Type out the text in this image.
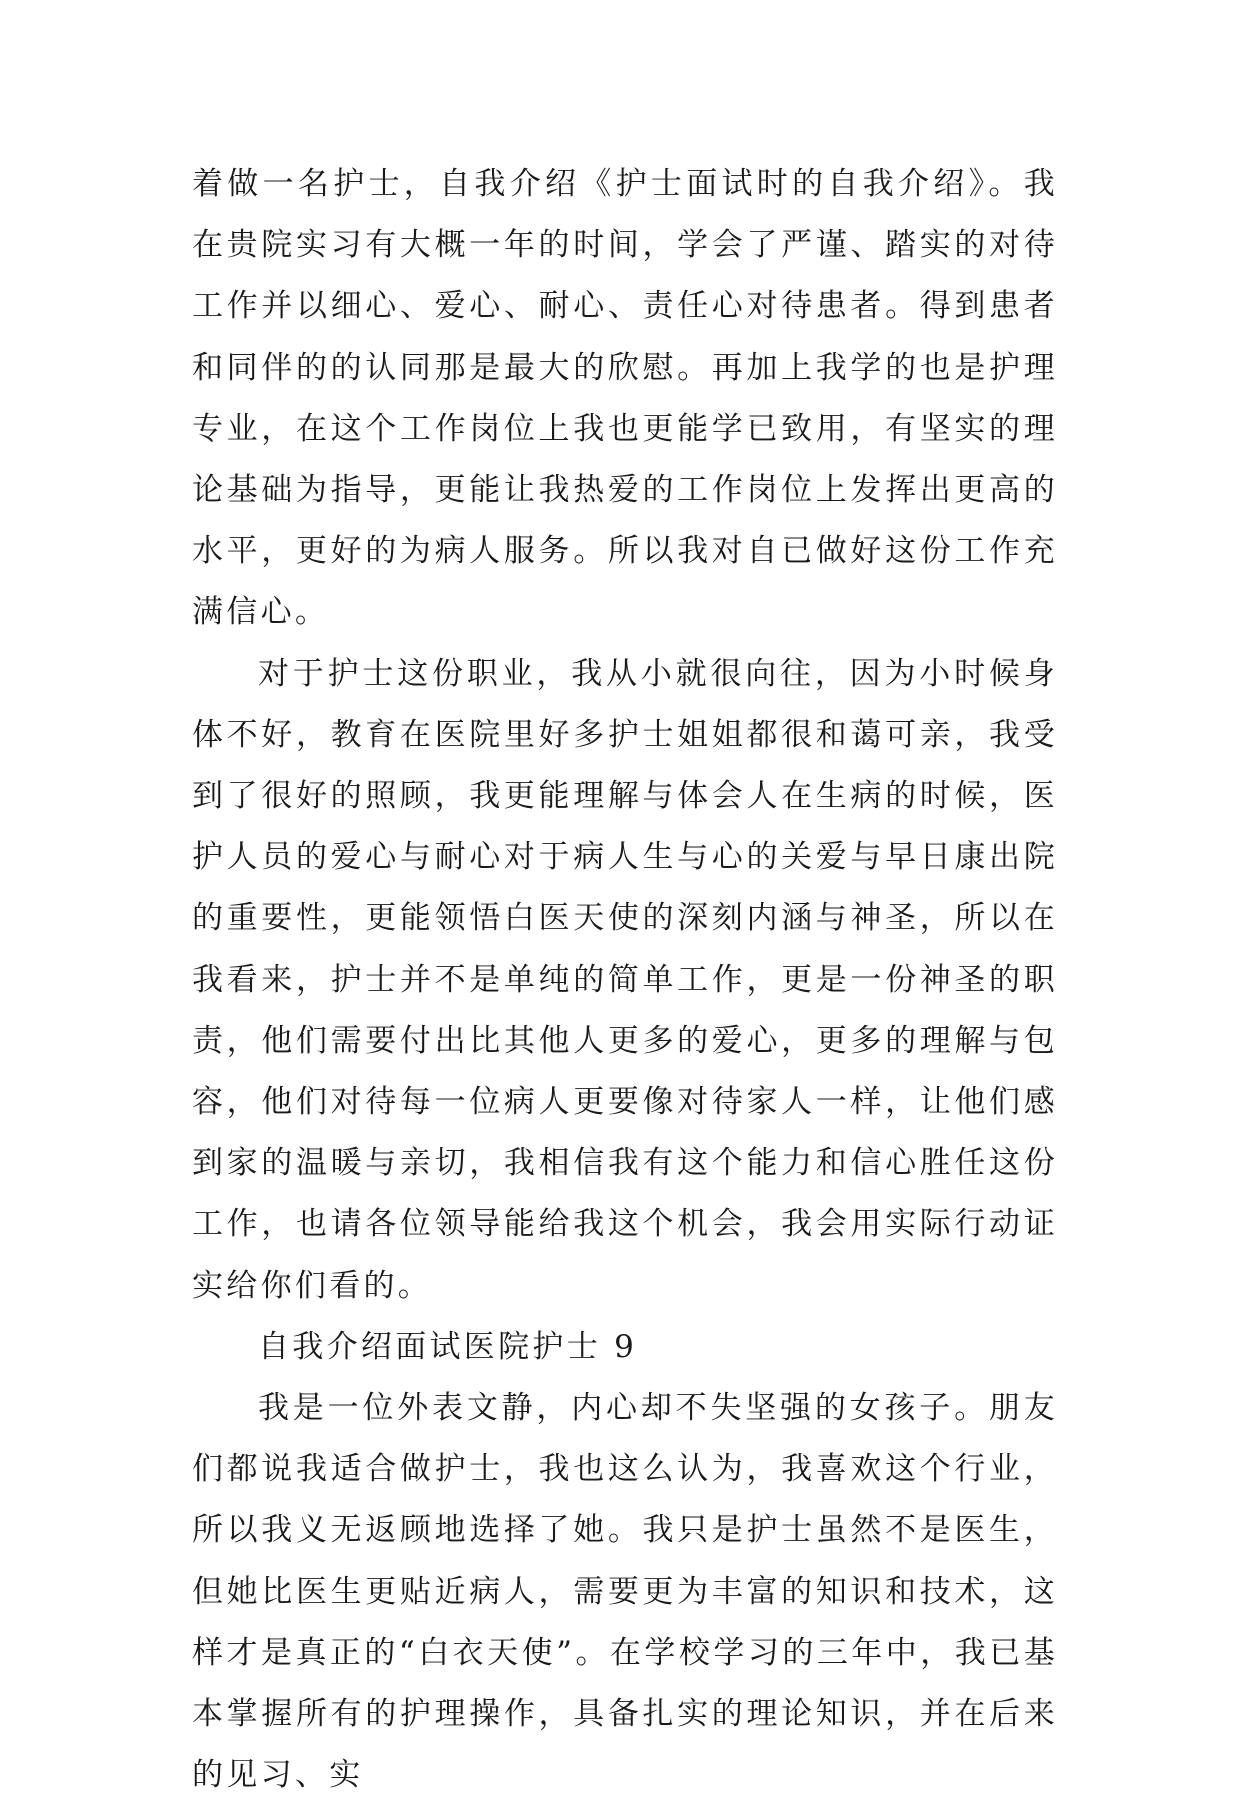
着做一名护士，自我介绍《护士面试时的自我介绍》。我在贵院实习有大概一年的时间，学会了严谨、踏实的对待工作并以细心、爱心、耐心、责任心对待患者。得到患者和同伴的的认同那是最大的欣慰。再加上我学的也是护理专业，在这个工作岗位上我也更能学已致用，有坚实的理论基础为指导，更能让我热爱的工作岗位上发挥出更高的水平，更好的为病人服务。所以我对自已做好这份工作充满信心。

对于护士这份职业，我从小就很向往，因为小时候身体不好，教育在医院里好多护士姐姐都很和蔼可亲，我受到了很好的照顾，我更能理解与体会人在生病的时候，医护人员的爱心与耐心对于病人生与心的关爱与早日康出院的重要性，更能领悟白医天使的深刻内涵与神圣，所以在我看来，护士并不是单纯的简单工作，更是一份神圣的职责，他们需要付出比其他人更多的爱心，更多的理解与包容，他们对待每一位病人更要像对待家人一样，让他们感到家的温暖与亲切，我相信我有这个能力和信心胜任这份工作，也请各位领导能给我这个机会，我会用实际行动证实给你们看的。

自我介绍面试医院护士 9

我是一位外表文静，内心却不失坚强的女孩子。朋友们都说我适合做护士，我也这么认为，我喜欢这个行业，所以我义无返顾地选择了她。我只是护士虽然不是医生，但她比医生更贴近病人，需要更为丰富的知识和技术，这样才是真正的“白衣天使”。在学校学习的三年中，我已基本掌握所有的护理操作，具备扎实的理论知识，并在后来的见习、实
